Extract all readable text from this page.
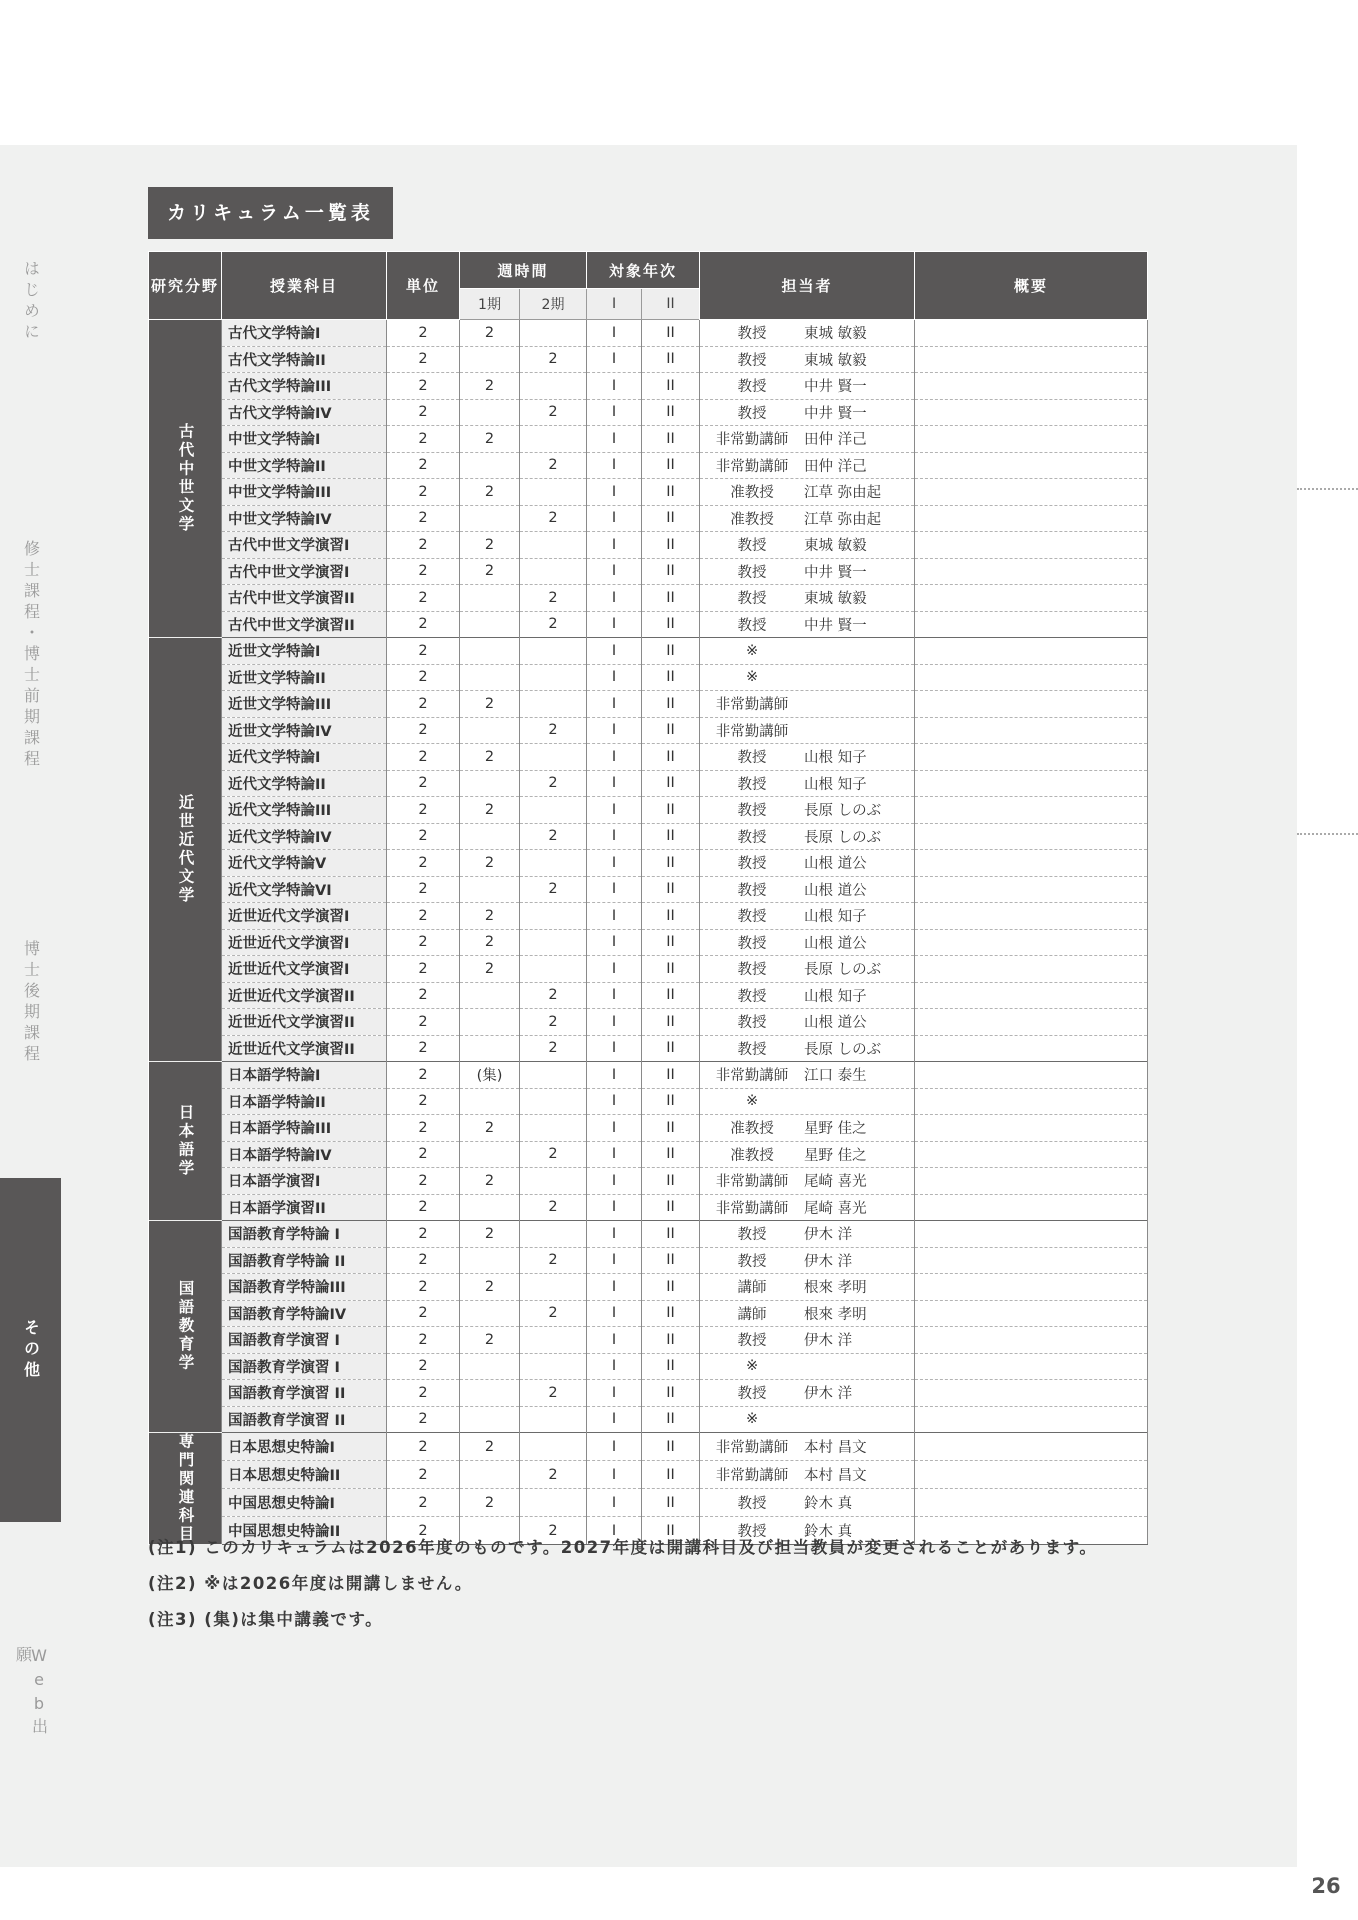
カリキュラム一覧表
研究分野	授業科目	単位	週時間		対象年次		担当者	概要
			1期	2期	I	II		

古代中世文学	古代文学特論I	2	2		I	II	教授 東城 敏毅	
	古代文学特論II	2		2	I	II	教授 東城 敏毅	
	古代文学特論III	2	2		I	II	教授 中井 賢一	
	古代文学特論IV	2		2	I	II	教授 中井 賢一	
	中世文学特論I	2	2		I	II	非常勤講師 田仲 洋己	
	中世文学特論II	2		2	I	II	非常勤講師 田仲 洋己	
	中世文学特論III	2	2		I	II	准教授 江草 弥由起	
	中世文学特論IV	2		2	I	II	准教授 江草 弥由起	
	古代中世文学演習I	2	2		I	II	教授 東城 敏毅	
	古代中世文学演習I	2	2		I	II	教授 中井 賢一	
	古代中世文学演習II	2		2	I	II	教授 東城 敏毅	
	古代中世文学演習II	2		2	I	II	教授 中井 賢一	

近世近代文学	近世文学特論I	2			I	II	※	
	近世文学特論II	2			I	II	※	
	近世文学特論III	2	2		I	II	非常勤講師	
	近世文学特論IV	2		2	I	II	非常勤講師	
	近代文学特論I	2	2		I	II	教授 山根 知子	
	近代文学特論II	2		2	I	II	教授 山根 知子	
	近代文学特論III	2	2		I	II	教授 長原 しのぶ	
	近代文学特論IV	2		2	I	II	教授 長原 しのぶ	
	近代文学特論V	2	2		I	II	教授 山根 道公	
	近代文学特論VI	2		2	I	II	教授 山根 道公	
	近世近代文学演習I	2	2		I	II	教授 山根 知子	
	近世近代文学演習I	2	2		I	II	教授 山根 道公	
	近世近代文学演習I	2	2		I	II	教授 長原 しのぶ	
	近世近代文学演習II	2		2	I	II	教授 山根 知子	
	近世近代文学演習II	2		2	I	II	教授 山根 道公	
	近世近代文学演習II	2		2	I	II	教授 長原 しのぶ	

日本語学	日本語学特論I	2	(集)		I	II	非常勤講師 江口 泰生	
	日本語学特論II	2			I	II	※	
	日本語学特論III	2	2		I	II	准教授 星野 佳之	
	日本語学特論IV	2		2	I	II	准教授 星野 佳之	
	日本語学演習I	2	2		I	II	非常勤講師 尾崎 喜光	
	日本語学演習II	2		2	I	II	非常勤講師 尾崎 喜光	

国語教育学	国語教育学特論 I	2	2		I	II	教授 伊木 洋	
	国語教育学特論 II	2		2	I	II	教授 伊木 洋	
	国語教育学特論III	2	2		I	II	講師 根來 孝明	
	国語教育学特論IV	2		2	I	II	講師 根來 孝明	
	国語教育学演習 I	2	2		I	II	教授 伊木 洋	
	国語教育学演習 I	2			I	II	※	
	国語教育学演習 II	2		2	I	II	教授 伊木 洋	
	国語教育学演習 II	2			I	II	※	

専門関連科目	日本思想史特論I	2	2		I	II	非常勤講師 本村 昌文	
	日本思想史特論II	2		2	I	II	非常勤講師 本村 昌文	
	中国思想史特論I	2	2		I	II	教授 鈴木 真	
	中国思想史特論II	2		2	I	II	教授 鈴木 真	
(注1) このカリキュラムは2026年度のものです。2027年度は開講科目及び担当教員が変更されることがあります。
(注2) ※は2026年度は開講しません。
(注3) (集)は集中講義です。
はじめに
修士課程・博士前期課程
博士後期課程
その他
Web出願
26
